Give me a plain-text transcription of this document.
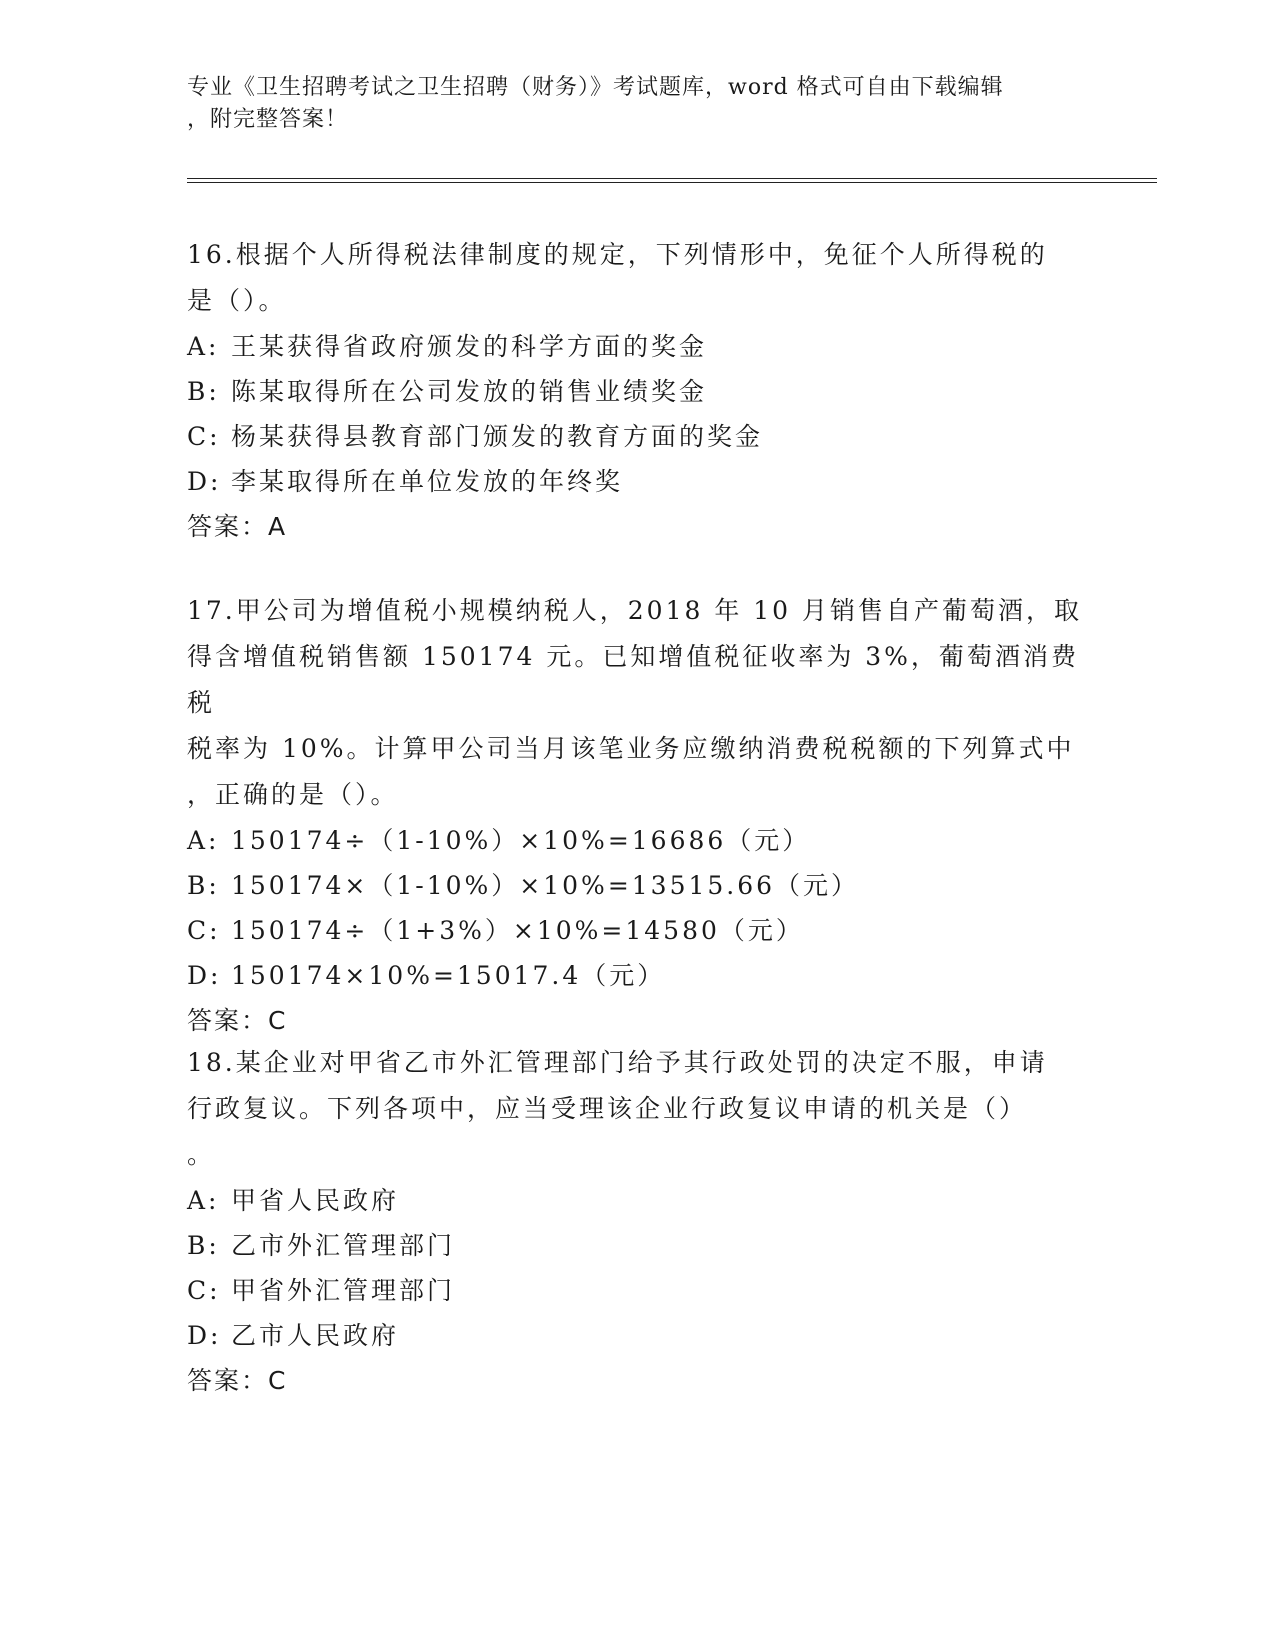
专业《卫生招聘考试之卫生招聘（财务）》考试题库，word 格式可自由下载编辑
，附完整答案！

16.根据个人所得税法律制度的规定，下列情形中，免征个人所得税的

是（）。

A: 王某获得省政府颁发的科学方面的奖金

B: 陈某取得所在公司发放的销售业绩奖金

C: 杨某获得县教育部门颁发的教育方面的奖金

D: 李某取得所在单位发放的年终奖

答案：A

17.甲公司为增值税小规模纳税人，2018 年 10 月销售自产葡萄酒，取

得含增值税销售额 150174 元。已知增值税征收率为 3%，葡萄酒消费税

税率为 10%。计算甲公司当月该笔业务应缴纳消费税税额的下列算式中

，正确的是（）。

A: 150174÷（1-10%）×10%=16686（元）

B: 150174×（1-10%）×10%=13515.66（元）

C: 150174÷（1+3%）×10%=14580（元）

D: 150174×10%=15017.4（元）

答案：C

18.某企业对甲省乙市外汇管理部门给予其行政处罚的决定不服，申请

行政复议。下列各项中，应当受理该企业行政复议申请的机关是（）

。

A: 甲省人民政府

B: 乙市外汇管理部门

C: 甲省外汇管理部门

D: 乙市人民政府

答案：C
